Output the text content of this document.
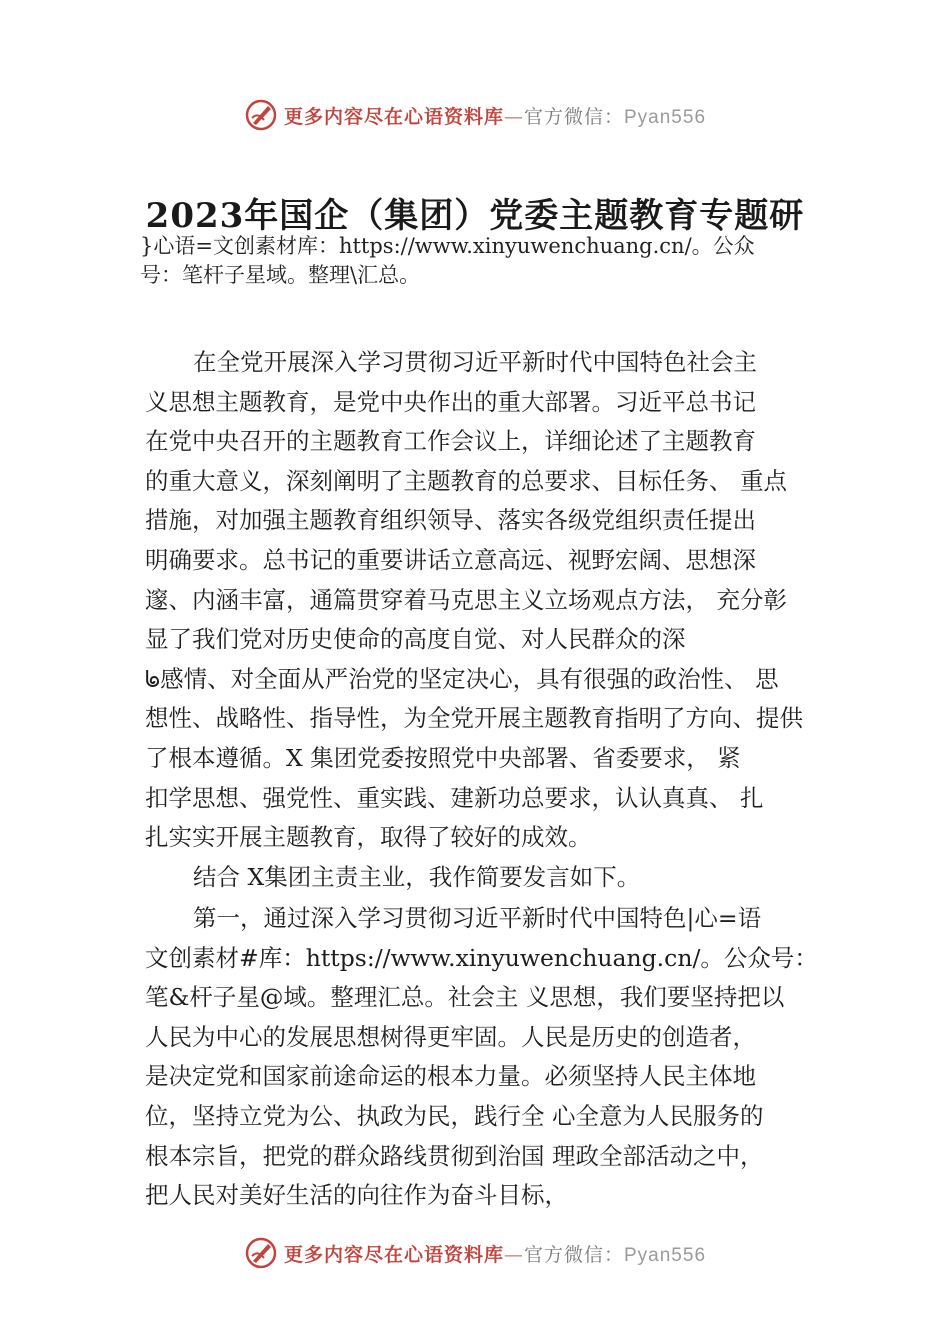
更多内容尽在心语资料库—官方微信：Pyan556
2023年国企（集团）党委主题教育专题研
}心语=文创素材库：https://www.xinyuwenchuang.cn/。公众
号：笔杆子星域。整理\汇总。
在全党开展深入学习贯彻习近平新时代中国特色社会主
义思想主题教育，是党中央作出的重大部署。习近平总书记
在党中央召开的主题教育工作会议上，详细论述了主题教育
的重大意义，深刻阐明了主题教育的总要求、目标任务、 重点
措施，对加强主题教育组织领导、落实各级党组织责任提出
明确要求。总书记的重要讲话立意高远、视野宏阔、思想深
邃、内涵丰富，通篇贯穿着马克思主义立场观点方法， 充分彰
显了我们党对历史使命的高度自觉、对人民群众的深
ᖚ感情、对全面从严治党的坚定决心，具有很强的政治性、 思
想性、战略性、指导性，为全党开展主题教育指明了方向、提供
了根本遵循。X 集团党委按照党中央部署、省委要求， 紧
扣学思想、强党性、重实践、建新功总要求，认认真真、 扎
扎实实开展主题教育，取得了较好的成效。
结合 X集团主责主业，我作简要发言如下。
第一，通过深入学习贯彻习近平新时代中国特色|心=语
文创素材#库：https://www.xinyuwenchuang.cn/。公众号：
笔&杆子星@域。整理汇总。社会主 义思想，我们要坚持把以
人民为中心的发展思想树得更牢固。人民是历史的创造者，
是决定党和国家前途命运的根本力量。必须坚持人民主体地
位，坚持立党为公、执政为民，践行全 心全意为人民服务的
根本宗旨，把党的群众路线贯彻到治国 理政全部活动之中，
把人民对美好生活的向往作为奋斗目标，
更多内容尽在心语资料库—官方微信：Pyan556
